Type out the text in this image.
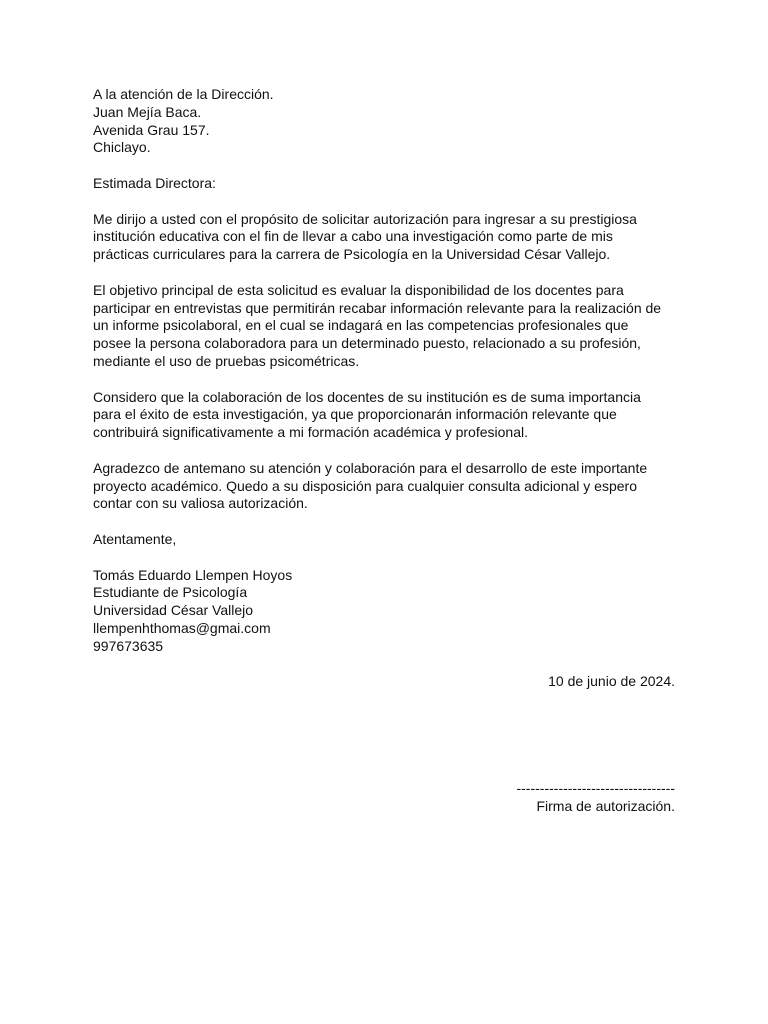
A la atención de la Dirección.
Juan Mejía Baca.
Avenida Grau 157.
Chiclayo.
Estimada Directora:
Me dirijo a usted con el propósito de solicitar autorización para ingresar a su prestigiosa
institución educativa con el fin de llevar a cabo una investigación como parte de mis
prácticas curriculares para la carrera de Psicología en la Universidad César Vallejo.
El objetivo principal de esta solicitud es evaluar la disponibilidad de los docentes para
participar en entrevistas que permitirán recabar información relevante para la realización de
un informe psicolaboral, en el cual se indagará en las competencias profesionales que
posee la persona colaboradora para un determinado puesto, relacionado a su profesión,
mediante el uso de pruebas psicométricas.
Considero que la colaboración de los docentes de su institución es de suma importancia
para el éxito de esta investigación, ya que proporcionarán información relevante que
contribuirá significativamente a mi formación académica y profesional.
Agradezco de antemano su atención y colaboración para el desarrollo de este importante
proyecto académico. Quedo a su disposición para cualquier consulta adicional y espero
contar con su valiosa autorización.
Atentamente,
Tomás Eduardo Llempen Hoyos
Estudiante de Psicología
Universidad César Vallejo
llempenhthomas@gmai.com
997673635
10 de junio de 2024.
----------------------------------
Firma de autorización.
